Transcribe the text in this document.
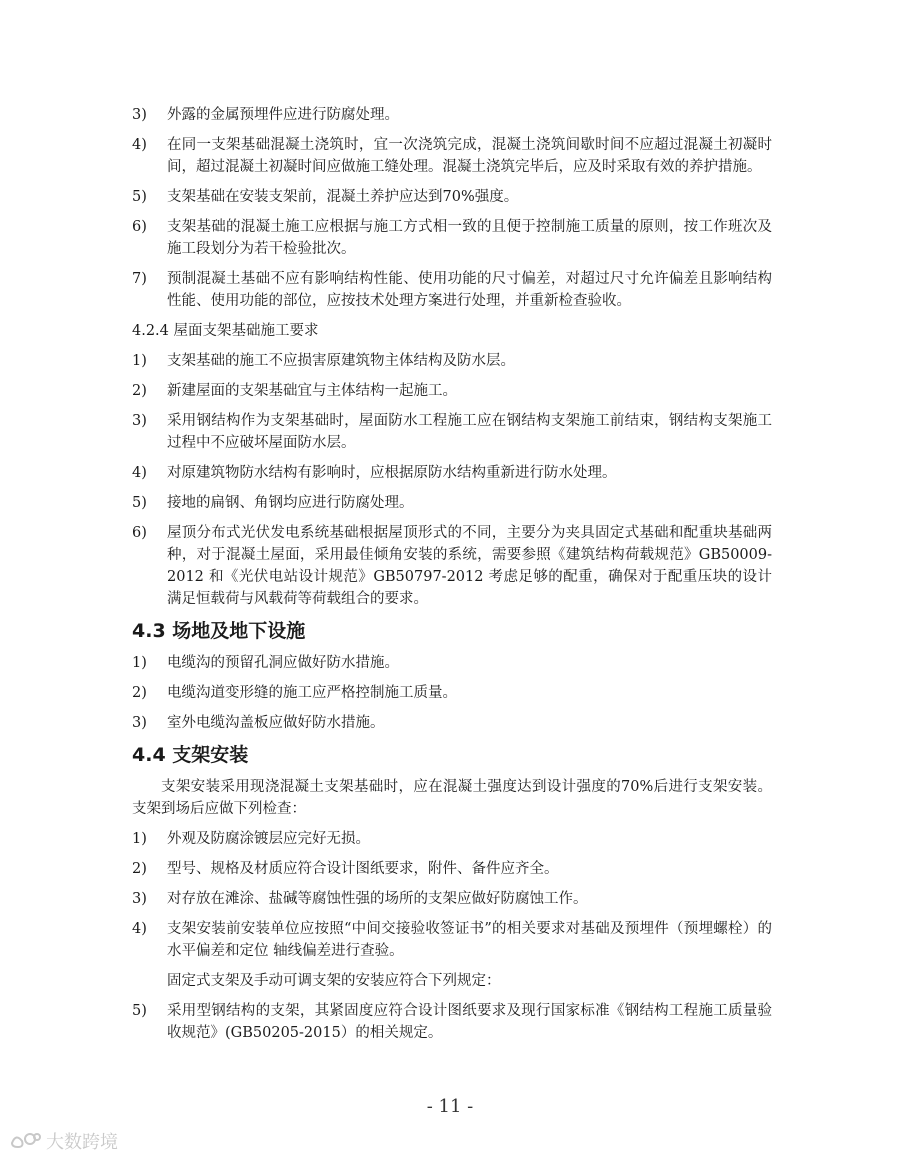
3)	外露的金属预埋件应进行防腐处理。
4)	在同一支架基础混凝土浇筑时，宜一次浇筑完成，混凝土浇筑间歇时间不应超过混凝土初凝时间，超过混凝土初凝时间应做施工缝处理。混凝土浇筑完毕后，应及时采取有效的养护措施。
5)	支架基础在安装支架前，混凝土养护应达到70%强度。
6)	支架基础的混凝土施工应根据与施工方式相一致的且便于控制施工质量的原则，按工作班次及施工段划分为若干检验批次。
7)	预制混凝土基础不应有影响结构性能、使用功能的尺寸偏差，对超过尺寸允许偏差且影响结构性能、使用功能的部位，应按技术处理方案进行处理，并重新检查验收。
4.2.4 屋面支架基础施工要求
1)	支架基础的施工不应损害原建筑物主体结构及防水层。
2)	新建屋面的支架基础宜与主体结构一起施工。
3)	采用钢结构作为支架基础时，屋面防水工程施工应在钢结构支架施工前结束，钢结构支架施工过程中不应破坏屋面防水层。
4)	对原建筑物防水结构有影响时，应根据原防水结构重新进行防水处理。
5)	接地的扁钢、角钢均应进行防腐处理。
6)	屋顶分布式光伏发电系统基础根据屋顶形式的不同，主要分为夹具固定式基础和配重块基础两种，对于混凝土屋面，采用最佳倾角安装的系统，需要参照《建筑结构荷载规范》GB50009-2012 和《光伏电站设计规范》GB50797-2012 考虑足够的配重，确保对于配重压块的设计满足恒载荷与风载荷等荷载组合的要求。
4.3 场地及地下设施
1)	电缆沟的预留孔洞应做好防水措施。
2)	电缆沟道变形缝的施工应严格控制施工质量。
3)	室外电缆沟盖板应做好防水措施。
4.4 支架安装
支架安装采用现浇混凝土支架基础时，应在混凝土强度达到设计强度的70%后进行支架安装。支架到场后应做下列检查：
1)	外观及防腐涂镀层应完好无损。
2)	型号、规格及材质应符合设计图纸要求，附件、备件应齐全。
3)	对存放在滩涂、盐碱等腐蚀性强的场所的支架应做好防腐蚀工作。
4)	支架安装前安装单位应按照“中间交接验收签证书”的相关要求对基础及预埋件（预埋螺栓）的水平偏差和定位 轴线偏差进行查验。
固定式支架及手动可调支架的安装应符合下列规定：
5)	采用型钢结构的支架，其紧固度应符合设计图纸要求及现行国家标准《钢结构工程施工质量验收规范》(GB50205-2015）的相关规定。
- 11 -
大数跨境
